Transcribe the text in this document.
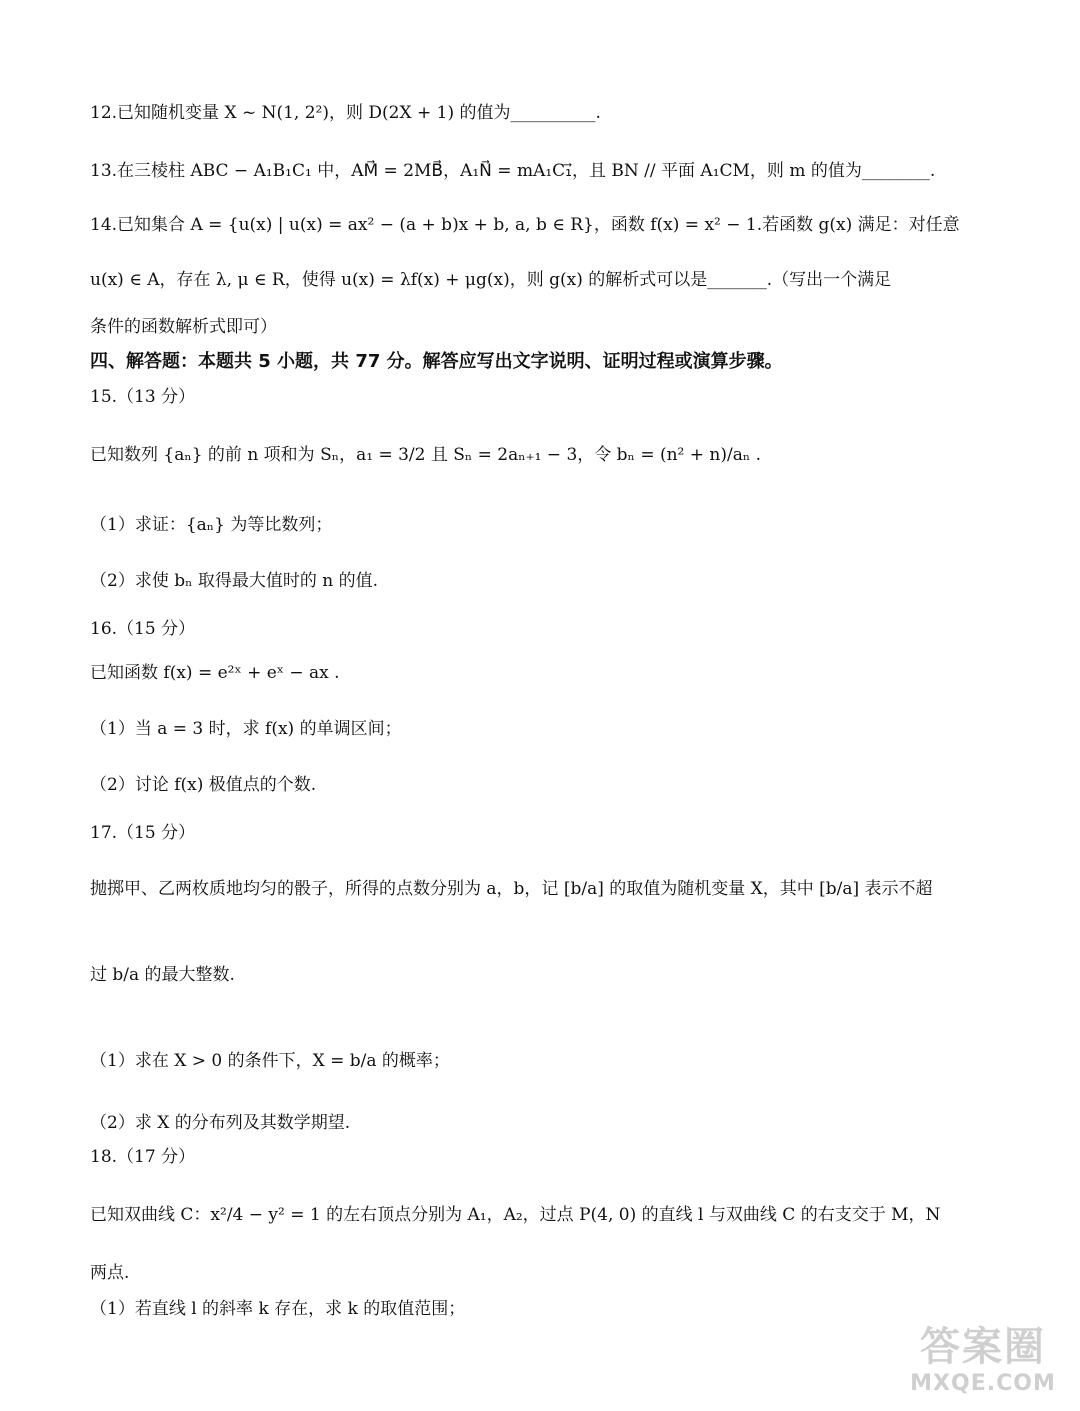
12.已知随机变量 X ~ N(1, 2²)，则 D(2X + 1) 的值为__________.
13.在三棱柱 ABC − A₁B₁C₁ 中，AM⃗ = 2MB⃗，A₁N⃗ = mA₁C₁⃗，且 BN // 平面 A₁CM，则 m 的值为________.
14.已知集合 A = {u(x) | u(x) = ax² − (a + b)x + b, a, b ∈ R}，函数 f(x) = x² − 1.若函数 g(x) 满足：对任意
u(x) ∈ A，存在 λ, μ ∈ R，使得 u(x) = λf(x) + μg(x)，则 g(x) 的解析式可以是_______.（写出一个满足
条件的函数解析式即可）
四、解答题：本题共 5 小题，共 77 分。解答应写出文字说明、证明过程或演算步骤。
15.（13 分）
已知数列 {aₙ} 的前 n 项和为 Sₙ，a₁ = 3/2 且 Sₙ = 2aₙ₊₁ − 3，令 bₙ = (n² + n)/aₙ .
（1）求证：{aₙ} 为等比数列；
（2）求使 bₙ 取得最大值时的 n 的值.
16.（15 分）
已知函数 f(x) = e²ˣ + eˣ − ax .
（1）当 a = 3 时，求 f(x) 的单调区间；
（2）讨论 f(x) 极值点的个数.
17.（15 分）
抛掷甲、乙两枚质地均匀的骰子，所得的点数分别为 a，b，记 [b/a] 的取值为随机变量 X，其中 [b/a] 表示不超
过 b/a 的最大整数.
（1）求在 X > 0 的条件下，X = b/a 的概率；
（2）求 X 的分布列及其数学期望.
18.（17 分）
已知双曲线 C：x²/4 − y² = 1 的左右顶点分别为 A₁，A₂，过点 P(4, 0) 的直线 l 与双曲线 C 的右支交于 M，N
两点.
（1）若直线 l 的斜率 k 存在，求 k 的取值范围；
答案圈
MXQE.COM
